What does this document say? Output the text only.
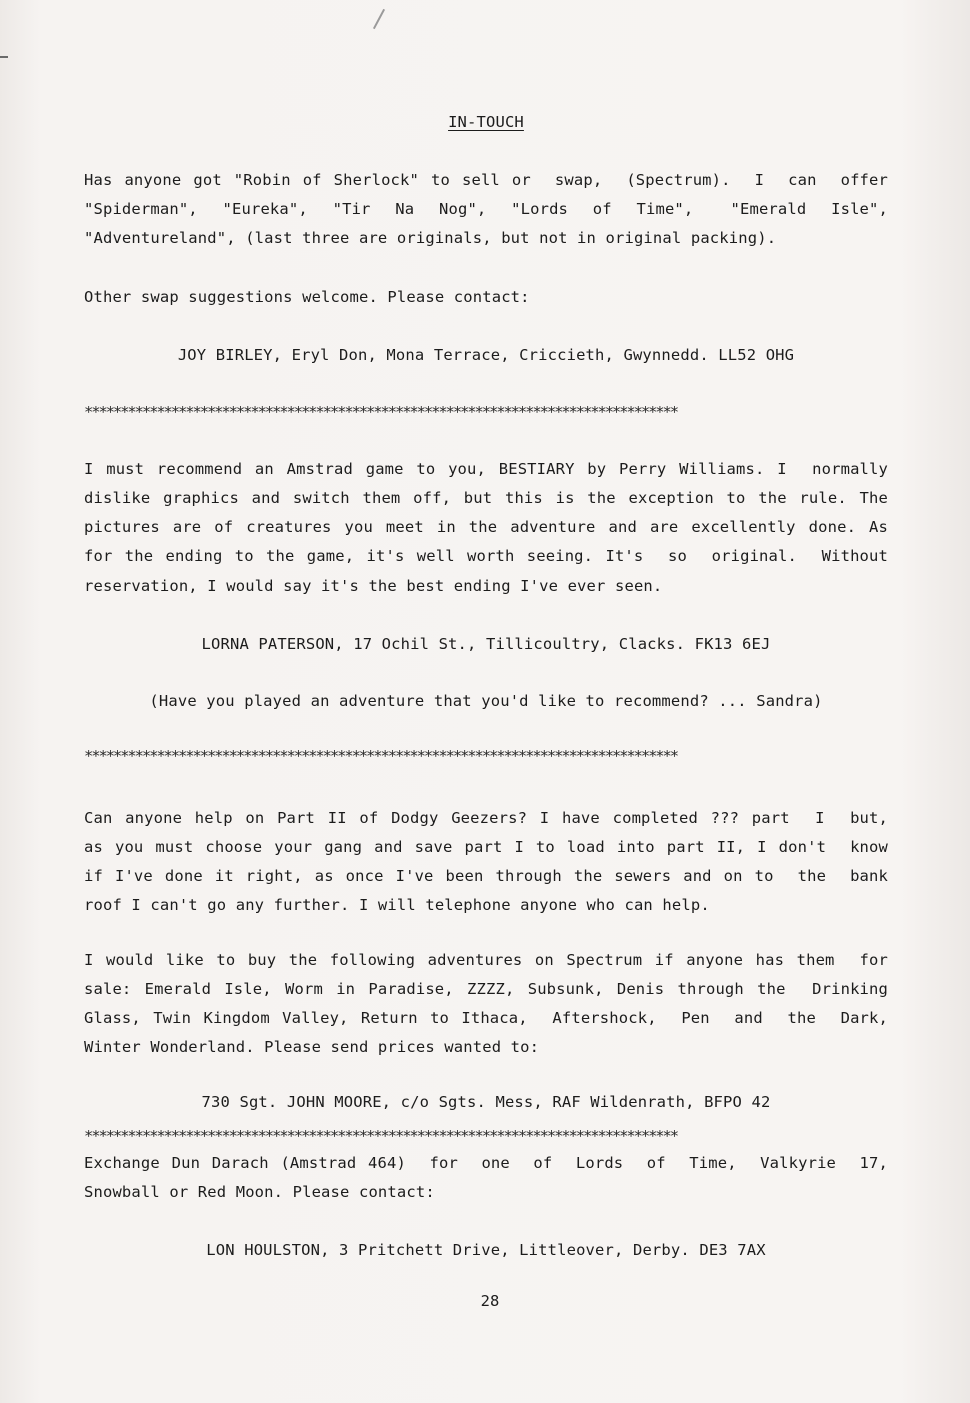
IN-TOUCH
Has anyone got "Robin of Sherlock" to sell or  swap,  (Spectrum).  I  can  offer
"Spiderman",  "Eureka",  "Tir  Na  Nog",  "Lords  of  Time",   "Emerald  Isle",
"Adventureland", (last three are originals, but not in original packing).
Other swap suggestions welcome. Please contact:
JOY BIRLEY, Eryl Don, Mona Terrace, Criccieth, Gwynnedd. LL52 OHG
**********************************************************************************
I must recommend an Amstrad game to you, BESTIARY by Perry Williams. I  normally
dislike graphics and switch them off, but this is the exception to the rule. The
pictures are of creatures you meet in the adventure and are excellently done. As
for the ending to the game, it's well worth seeing. It's  so  original.  Without
reservation, I would say it's the best ending I've ever seen.
LORNA PATERSON, 17 Ochil St., Tillicoultry, Clacks. FK13 6EJ
(Have you played an adventure that you'd like to recommend? ... Sandra)
**********************************************************************************
Can anyone help on Part II of Dodgy Geezers? I have completed ??? part  I  but,
as you must choose your gang and save part I to load into part II, I don't  know
if I've done it right, as once I've been through the sewers and on to  the  bank
roof I can't go any further. I will telephone anyone who can help.
I would like to buy the following adventures on Spectrum if anyone has them  for
sale: Emerald Isle, Worm in Paradise, ZZZZ, Subsunk, Denis through the  Drinking
Glass, Twin Kingdom Valley, Return to Ithaca,  Aftershock,  Pen  and  the  Dark,
Winter Wonderland. Please send prices wanted to:
730 Sgt. JOHN MOORE, c/o Sgts. Mess, RAF Wildenrath, BFPO 42
**********************************************************************************
Exchange Dun Darach (Amstrad 464)  for  one  of  Lords  of  Time,  Valkyrie  17,
Snowball or Red Moon. Please contact:
LON HOULSTON, 3 Pritchett Drive, Littleover, Derby. DE3 7AX
28
